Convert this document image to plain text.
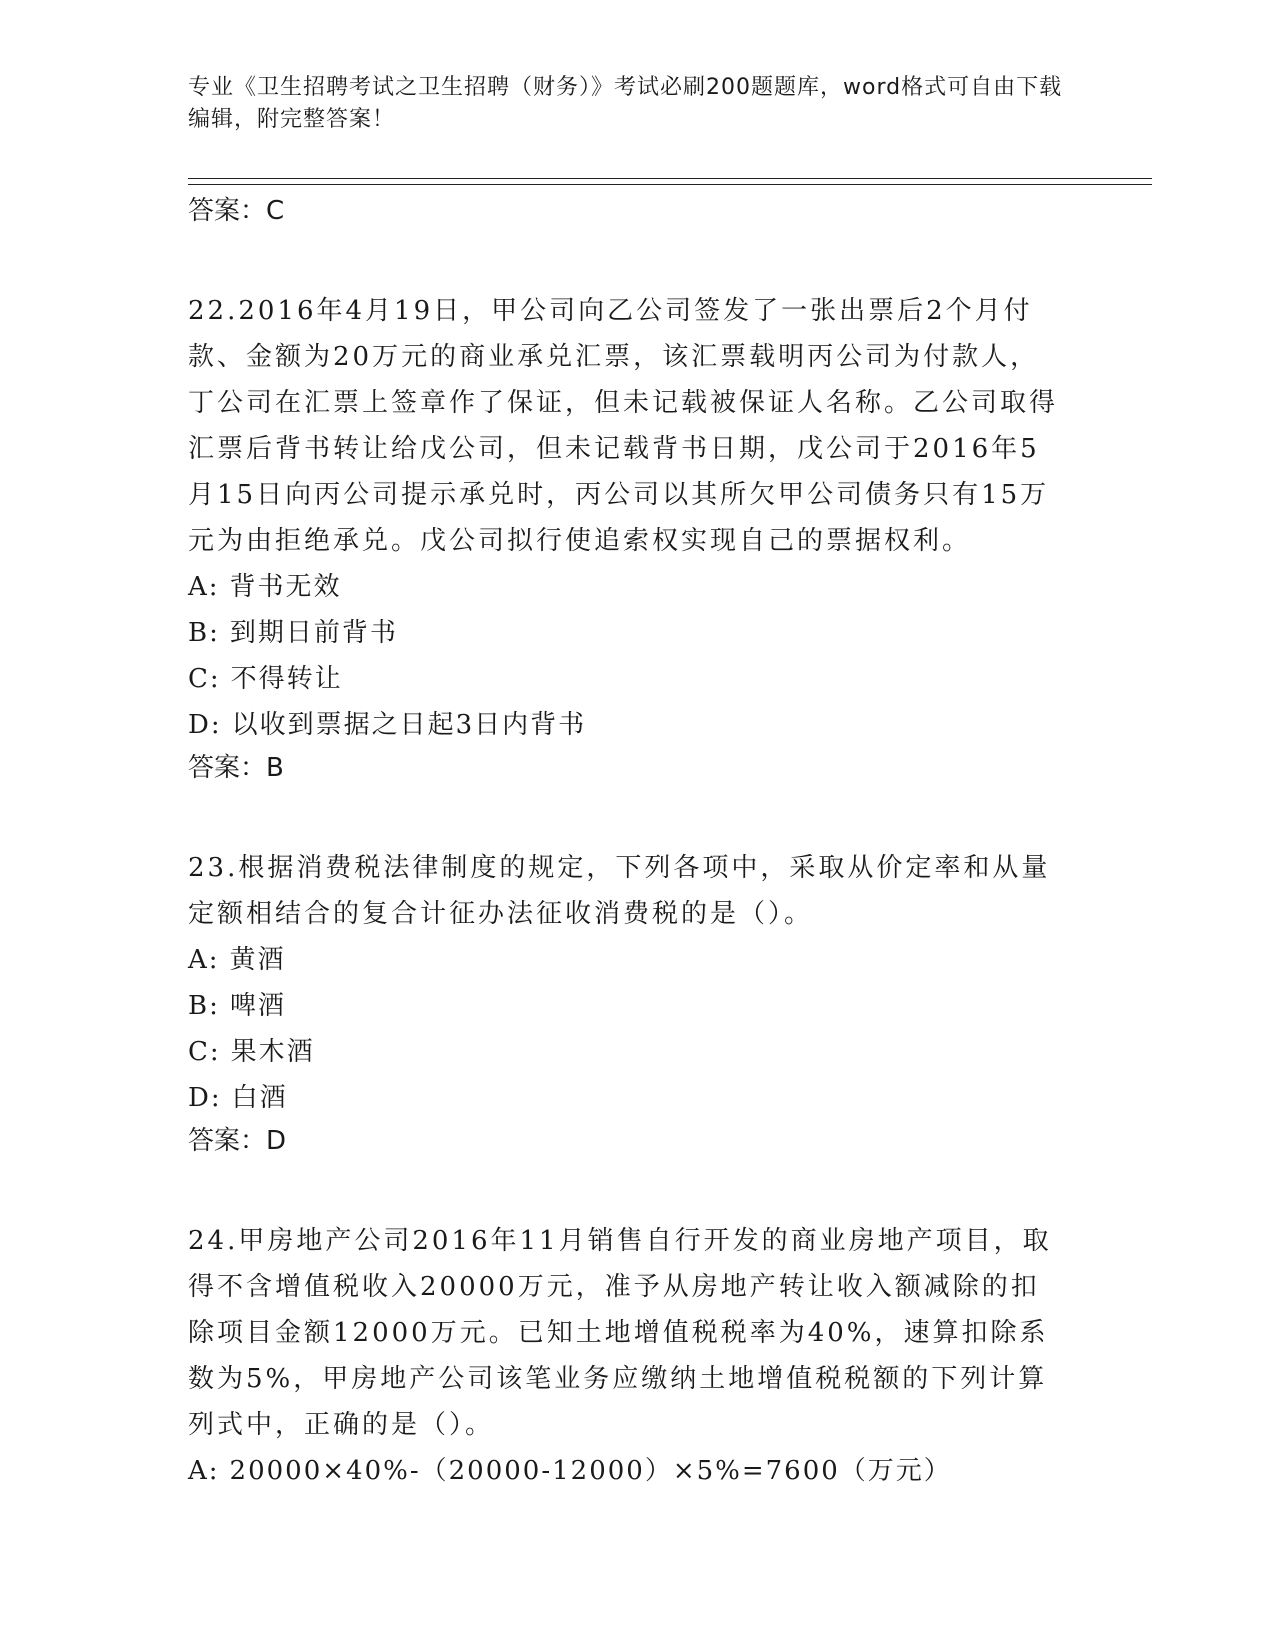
专业《卫生招聘考试之卫生招聘（财务）》考试必刷200题题库，word格式可自由下载编辑，附完整答案！

答案：C

22.2016年4月19日，甲公司向乙公司签发了一张出票后2个月付款、金额为20万元的商业承兑汇票，该汇票载明丙公司为付款人，丁公司在汇票上签章作了保证，但未记载被保证人名称。乙公司取得汇票后背书转让给戊公司，但未记载背书日期，戊公司于2016年5月15日向丙公司提示承兑时，丙公司以其所欠甲公司债务只有15万元为由拒绝承兑。戊公司拟行使追索权实现自己的票据权利。

A: 背书无效
B: 到期日前背书
C: 不得转让
D: 以收到票据之日起3日内背书

答案：B

23.根据消费税法律制度的规定，下列各项中，采取从价定率和从量定额相结合的复合计征办法征收消费税的是（）。

A: 黄酒
B: 啤酒
C: 果木酒
D: 白酒

答案：D

24.甲房地产公司2016年11月销售自行开发的商业房地产项目，取得不含增值税收入20000万元，准予从房地产转让收入额减除的扣除项目金额12000万元。已知土地增值税税率为40%，速算扣除系数为5%，甲房地产公司该笔业务应缴纳土地增值税税额的下列计算列式中，正确的是（）。

A: 20000×40%-（20000-12000）×5%=7600（万元）
